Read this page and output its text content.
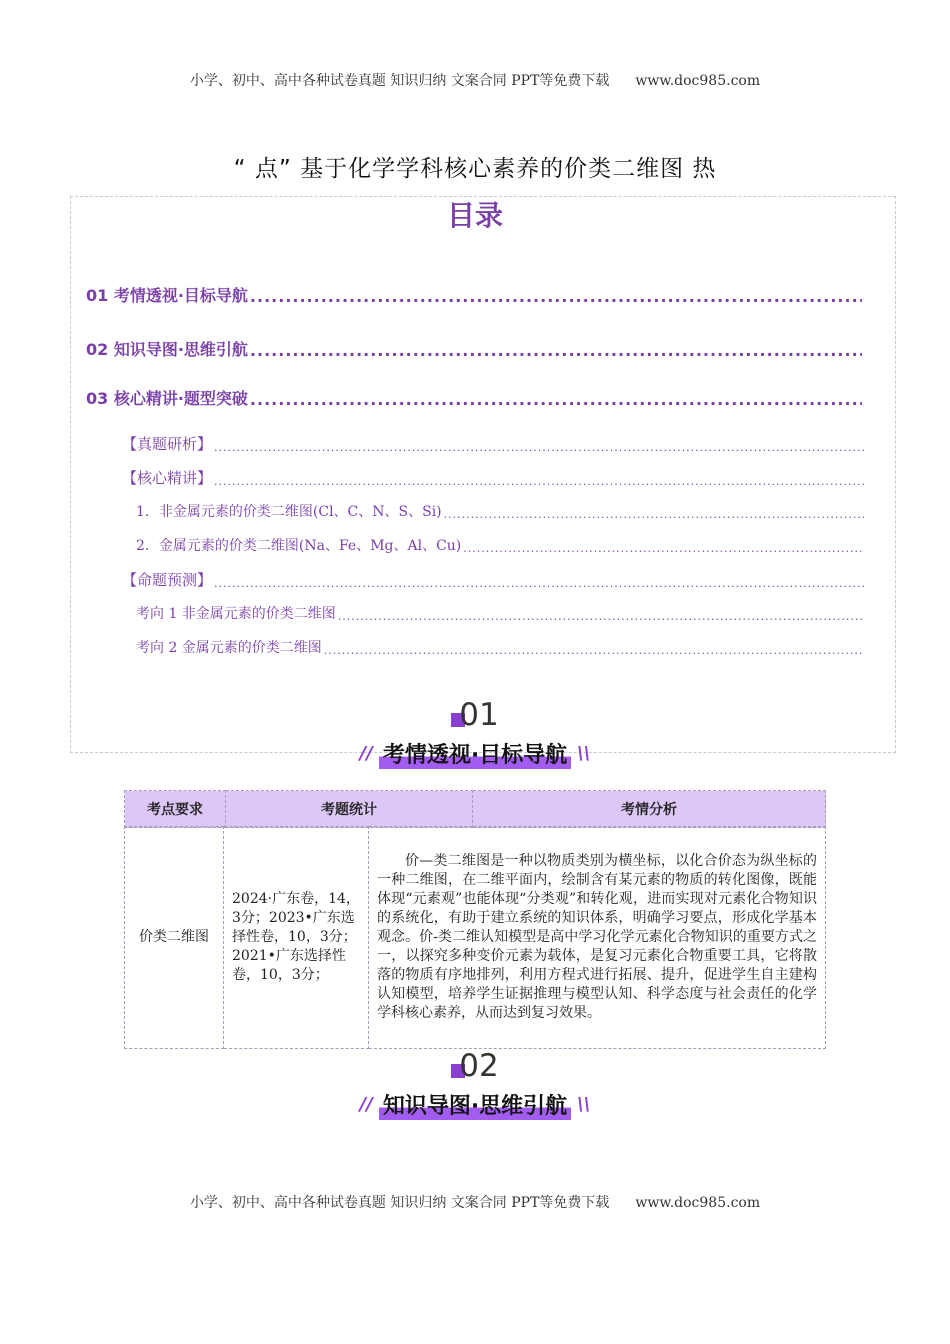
小学、初中、高中各种试卷真题 知识归纳 文案合同 PPT等免费下载 www.doc985.com
“ 点” 基于化学学科核心素养的价类二维图 热
目录
01 考情透视·目标导航
.....
02 知识导图·思维引航
.....
03 核心精讲·题型突破
.....
【真题研析】
.....
【核心精讲】
.....
1．非金属元素的价类二维图(Cl、C、N、S、Si)
.....
2．金属元素的价类二维图(Na、Fe、Mg、Al、Cu)
.....
【命题预测】
.....
考向 1 非金属元素的价类二维图
.....
考向 2 金属元素的价类二维图
.....
01
// 考情透视·目标导航 \\
考点要求	考题统计	考情分析
价类二维图	2024·广东卷，14，3分；2023•广东选择性卷，10，3分；2021•广东选择性卷，10，3分；	价—类二维图是一种以物质类别为横坐标，以化合价态为纵坐标的一种二维图，在二维平面内，绘制含有某元素的物质的转化图像，既能体现“元素观”也能体现“分类观”和转化观，进而实现对元素化合物知识的系统化，有助于建立系统的知识体系，明确学习要点，形成化学基本观念。价-类二维认知模型是高中学习化学元素化合物知识的重要方式之一，以探究多种变价元素为载体，是复习元素化合物重要工具，它将散落的物质有序地排列，利用方程式进行拓展、提升，促进学生自主建构认知模型，培养学生证据推理与模型认知、科学态度与社会责任的化学学科核心素养，从而达到复习效果。
02
// 知识导图·思维引航 \\
小学、初中、高中各种试卷真题 知识归纳 文案合同 PPT等免费下载 www.doc985.com
